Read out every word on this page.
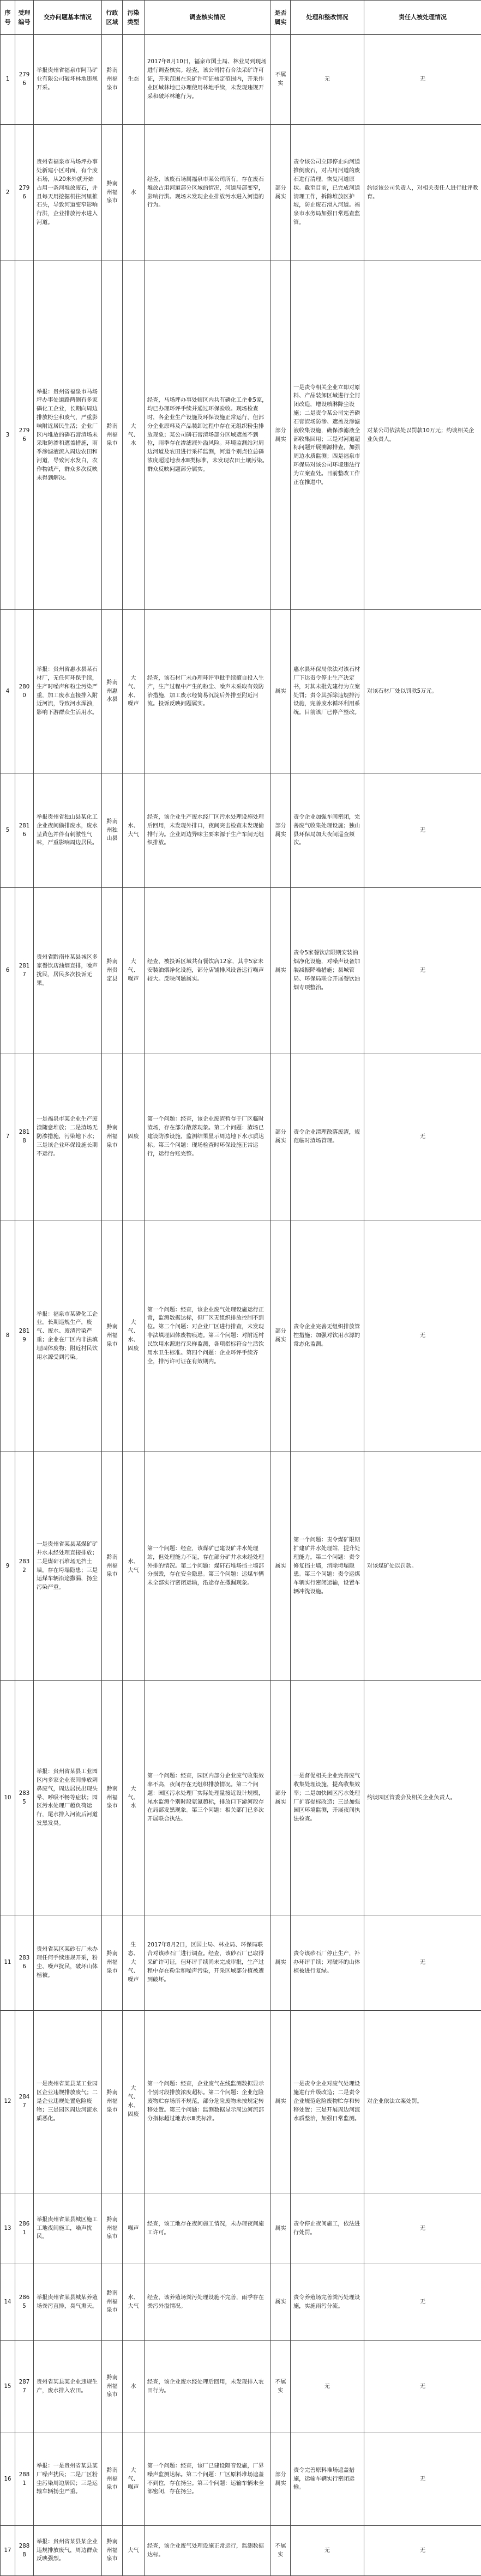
序号	受理编号	交办问题基本情况	行政区域	污染类型	调查核实情况	是否属实	处理和整改情况	责任人被处理情况
1	2796	举报贵州省福泉市阿马矿业有限公司破坏林地违规开采。	黔南州福泉市	生态	2017年8月10日，福泉市国土局、林业局到现场进行调查核实。经查，该公司持有合法采矿许可证，开采范围在采矿许可证核定范围内，开采作业区域林地已办理使用林地手续，未发现违规开采和破坏林地行为。	不属实	无	无
2	2796	贵州省福泉市马场坪办事处新建小区对面，有个废石场，从20米外就开始占用一条河堆放废石，并且每天用挖掘机往河里推石头，导致河道变窄影响行洪，企业排放污水进入河道。	黔南州福泉市	水	经查，该废石场属福泉市某公司所有，存在废石堆放占用河道部分区域的情况，河道局部变窄，影响行洪。现场未发现企业排放污水进入河道的行为。	部分属实	责令该公司立即停止向河道推倒废石，对占用河道的废石进行清理，恢复河道原状。截至目前，已完成河道清理工作，拆除堆放区护坡，防止废石滑入河道。福泉市水务局加强日常巡查监管。	约谈该公司负责人，对相关责任人进行批评教育。
3	2796	举报：贵州省福泉市马场坪办事处道路两侧有多家磷化工企业，长期向周边排放粉尘和废气，严重影响附近居民生活；企业厂区内堆放的磷石膏渣场未采取防渗和遮盖措施，雨季渗滤液流入周边农田和河道，导致河水发白，农作物减产，群众多次反映未得到解决。	黔南州福泉市	大气、水	经查，马场坪办事处辖区内共有磷化工企业5家，均已办理环评手续并通过环保验收。现场检查时，各企业生产设施及环保设施正常运行，但部分企业原料及产品装卸过程中存在无组织粉尘排放现象；某公司磷石膏渣场部分区域遮盖不到位，雨季存在渗滤液外溢风险。环境监测站对周边河道及农田进行采样监测，河道个别点位总磷浓度超过地表水Ⅲ类标准，未发现农田土壤污染。群众反映问题部分属实。	部分属实	一是责令相关企业立即对原料、产品装卸区域进行全封闭改造，增设喷淋降尘设施；二是责令某公司完善磷石膏渣场防渗、遮盖及渗滤液收集设施，确保渗滤液全部收集回用；三是对河道超标问题开展溯源排查，加强周边水质监测；四是福泉市环保局对该公司环境违法行为立案查处。目前整改工作正在推进中。	对某公司依法处以罚款10万元；约谈相关企业负责人。
4	2800	举报：贵州省惠水县某石材厂，无任何环保手续，生产时噪声和粉尘污染严重，加工废水直接排入附近河流，导致河水浑浊，影响下游群众生活用水。	黔南州惠水县	大气、水、噪声	经查，该石材厂未办理环评审批手续擅自投入生产，生产过程中产生的粉尘、噪声未采取有效防治措施，加工废水经简易沉淀后外排至附近河流。投诉反映问题属实。	属实	惠水县环保局依法对该石材厂下达责令停止生产决定书，对其未批先建行为立案处罚；责令其拆除违规排污设施，完善废水循环利用系统。目前该厂已停产整改。	对该石材厂处以罚款5万元。
5	2816	举报贵州省独山县某化工企业夜间偷排废水，废水呈黄色并伴有刺激性气味，严重影响周边居民。	黔南州独山县	水、大气	经查，该企业生产废水经厂区污水处理设施处理后回用，未发现外排口，夜间突击检查未发现偷排行为。企业周边异味主要来源于生产车间无组织排放。	部分属实	责令企业加强车间密闭，完善废气收集处理设施；独山县环保局加大夜间巡查频次。	无
6	2817	贵州省黔南州某县城区多家餐饮店油烟直排，噪声扰民，居民多次投诉无果。	黔南州贵定县	大气、噪声	经查，被投诉区域共有餐饮店12家，其中5家未安装油烟净化设施，部分店铺排风设备运行噪声较大。反映问题属实。	属实	责令5家餐饮店限期安装油烟净化设施，对噪声设备加装减振降噪措施；县城管局、环保局联合开展餐饮油烟专项整治。	无
7	2818	一是福泉市某企业生产废渣随意堆放；二是渣场无防渗措施，污染地下水；三是该企业环保设施长期不运行。	黔南州福泉市	固废	第一个问题：经查，该企业废渣暂存于厂区临时渣场，存在部分散落现象。第二个问题：渣场已建设防渗设施，监测结果显示周边地下水水质达标。第三个问题：现场检查时环保设施正常运行，运行台账完整。	部分属实	责令企业清理散落废渣，规范临时渣场管理。	无
8	2819	举报：福泉市某磷化工企业，长期违规生产，废气、废水、废渣污染严重；企业在厂区内非法填埋固体废物；附近村民饮用水源受到污染。	黔南州福泉市	大气、水、固废	第一个问题：经查，该企业废气处理设施运行正常，监测数据达标，但厂区无组织排放控制不到位。第二个问题：对企业厂区进行排查，未发现非法填埋固体废物痕迹。第三个问题：对附近村民饮用水源进行采样监测，各项指标符合生活饮用水卫生标准。第四个问题：企业环评手续齐全，排污许可证在有效期内。	部分属实	责令企业完善无组织排放管控措施；加强对饮用水源的常态化监测。	无
9	2832	一是贵州省某县某煤矿矿井水未经处理直接排放；二是煤矸石堆场无挡土墙，存在垮塌隐患；三是运煤车辆沿途撒漏，扬尘污染严重。	黔南州福泉市	水、大气	第一个问题：经查，该煤矿已建设矿井水处理站，但处理能力不足，存在部分矿井水未经处理外排的情况。第二个问题：煤矸石堆场挡土墙部分损毁，存在安全隐患。第三个问题：运煤车辆未全部实行密闭运输，沿途存在撒漏现象。	属实	第一个问题：责令煤矿限期扩建矿井水处理站，提升处理能力。第二个问题：责令修复挡土墙，消除垮塌隐患。第三个问题：责令运煤车辆实行密闭运输，设置车辆冲洗设施。	对该煤矿处以罚款。
10	2835	举报：贵州省某县工业园区内多家企业夜间排放刺鼻废气，周边居民出现头晕、呼吸不畅等症状；园区污水处理厂超负荷运行，尾水排入河流后河道发黑发臭。	黔南州福泉市	大气、水	第一个问题：经查，园区内部分企业废气收集效率不高，夜间存在无组织排放情况。第二个问题：园区污水处理厂实际处理量接近设计规模，尾水监测个别时段氨氮超标，排放口下游河段存在局部发黑现象。第三个问题：相关部门已多次开展联合执法。	部分属实	一是督促相关企业完善废气收集处理设施，提高收集效率；二是加快园区污水处理厂扩容提标改造；三是加强园区环境监测，开展夜间执法检查。	约谈园区管委会及相关企业负责人。
11	2836	贵州省某区某砂石厂未办理任何手续违规开采，粉尘、噪声扰民，破坏山体植被。	黔南州福泉市	生态、大气、噪声	2017年8月2日，区国土局、林业局、环保局联合对该砂石厂进行调查。经查，该砂石厂已取得采矿许可证，但环评手续尚未完成审批，生产过程中存在粉尘和噪声污染，开采区域部分植被遭到破坏。	属实	责令该砂石厂停止生产，补办环评手续；对破坏的山体植被进行复绿。	无
12	2847	一是贵州省某县某工业园区企业违规排放废气；二是企业违规处置危险废物；三是园区周边河流水质恶化。	黔南州福泉市	大气、水、固废	第一个问题：经查，企业废气在线监测数据显示个别时段排放浓度超标。第二个问题：企业危险废物贮存场所不规范，部分危险废物未按规定转移处置。第三个问题：监测数据显示周边河流部分指标超过地表水Ⅲ类标准。	属实	一是责令企业对废气处理设施进行升级改造；二是责令企业规范危险废物贮存和转移处置；三是开展周边河流水质整治，加强日常监测。	对企业依法立案处罚。
13	2861	举报贵州省某县城区施工工地夜间施工，噪声扰民。	黔南州福泉市	噪声	经查，该工地存在夜间施工情况，未办理夜间施工许可。	属实	责令停止夜间施工，依法进行处罚。	无
14	2865	举报贵州省某县城某养殖场粪污直排，臭气熏天。	黔南州福泉市	水、大气	经查，该养殖场粪污处理设施不完善，雨季存在粪污外溢情况。	属实	责令养殖场完善粪污处理设施，实施雨污分流。	无
15	2877	贵州省某县某企业违规生产，废水排入农田。	黔南州福泉市	水	经查，该企业废水经处理后回用，未发现排入农田行为。	不属实	无	无
16	2881	举报：一是贵州省某县某厂噪声扰民；二是厂区粉尘污染周边居民；三是运输车辆扬尘严重。	黔南州福泉市	大气、噪声	第一个问题：经查，该厂已建设隔音设施，厂界噪声监测达标。第二个问题：厂区原料堆场遮盖不到位，存在扬尘。第三个问题：运输车辆未全部密闭，存在扬尘。	部分属实	责令完善原料堆场遮盖措施，运输车辆实行密闭运输。	无
17	2888	举报：贵州省某县某企业违规排放废气，周边群众反映强烈。	黔南州福泉市	大气	经查，该企业废气处理设施正常运行，监测数据达标。	不属实	无	无
